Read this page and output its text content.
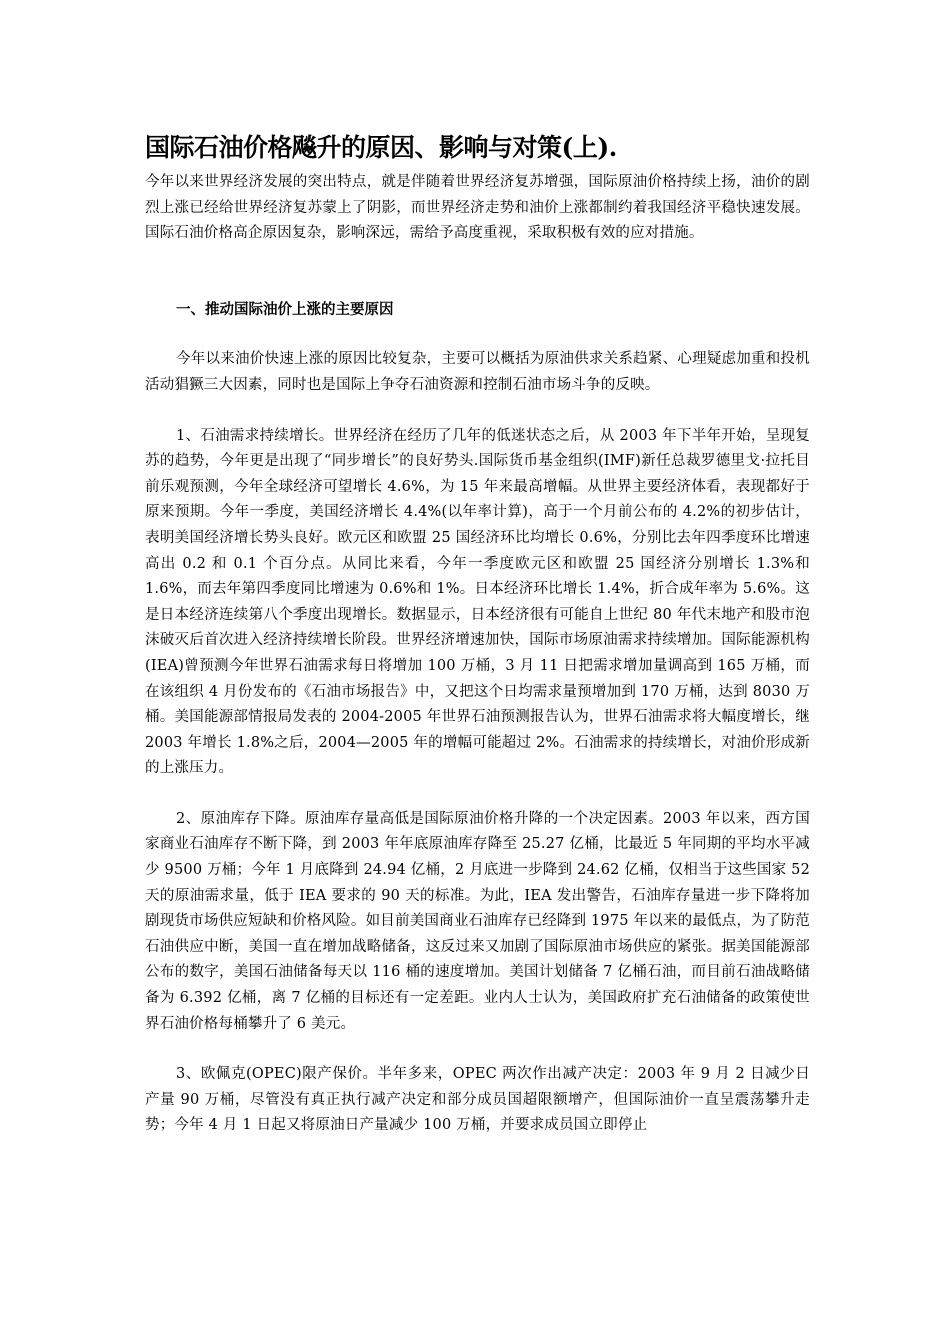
国际石油价格飚升的原因、影响与对策(上).

今年以来世界经济发展的突出特点，就是伴随着世界经济复苏增强，国际原油价格持续上扬，油价的剧烈上涨已经给世界经济复苏蒙上了阴影，而世界经济走势和油价上涨都制约着我国经济平稳快速发展。国际石油价格高企原因复杂，影响深远，需给予高度重视，采取积极有效的应对措施。

一、推动国际油价上涨的主要原因

今年以来油价快速上涨的原因比较复杂，主要可以概括为原油供求关系趋紧、心理疑虑加重和投机活动猖獗三大因素，同时也是国际上争夺石油资源和控制石油市场斗争的反映。

1、石油需求持续增长。世界经济在经历了几年的低迷状态之后，从 2003 年下半年开始，呈现复苏的趋势，今年更是出现了“同步增长”的良好势头.国际货币基金组织(IMF)新任总裁罗德里戈·拉托目前乐观预测，今年全球经济可望增长 4.6%，为 15 年来最高增幅。从世界主要经济体看，表现都好于原来预期。今年一季度，美国经济增长 4.4%(以年率计算)，高于一个月前公布的 4.2%的初步估计，表明美国经济增长势头良好。欧元区和欧盟 25 国经济环比均增长 0.6%，分别比去年四季度环比增速高出 0.2 和 0.1 个百分点。从同比来看，今年一季度欧元区和欧盟 25 国经济分别增长 1.3%和 1.6%，而去年第四季度同比增速为 0.6%和 1%。日本经济环比增长 1.4%，折合成年率为 5.6%。这是日本经济连续第八个季度出现增长。数据显示，日本经济很有可能自上世纪 80 年代末地产和股市泡沫破灭后首次进入经济持续增长阶段。世界经济增速加快，国际市场原油需求持续增加。国际能源机构(IEA)曾预测今年世界石油需求每日将增加 100 万桶，3 月 11 日把需求增加量调高到 165 万桶，而在该组织 4 月份发布的《石油市场报告》中，又把这个日均需求量预增加到 170 万桶，达到 8030 万桶。美国能源部情报局发表的 2004-2005 年世界石油预测报告认为，世界石油需求将大幅度增长，继 2003 年增长 1.8%之后，2004—2005 年的增幅可能超过 2%。石油需求的持续增长，对油价形成新的上涨压力。

2、原油库存下降。原油库存量高低是国际原油价格升降的一个决定因素。2003 年以来，西方国家商业石油库存不断下降，到 2003 年年底原油库存降至 25.27 亿桶，比最近 5 年同期的平均水平减少 9500 万桶；今年 1 月底降到 24.94 亿桶，2 月底进一步降到 24.62 亿桶，仅相当于这些国家 52 天的原油需求量，低于 IEA 要求的 90 天的标准。为此，IEA 发出警告，石油库存量进一步下降将加剧现货市场供应短缺和价格风险。如目前美国商业石油库存已经降到 1975 年以来的最低点，为了防范石油供应中断，美国一直在增加战略储备，这反过来又加剧了国际原油市场供应的紧张。据美国能源部公布的数字，美国石油储备每天以 116 桶的速度增加。美国计划储备 7 亿桶石油，而目前石油战略储备为 6.392 亿桶，离 7 亿桶的目标还有一定差距。业内人士认为，美国政府扩充石油储备的政策使世界石油价格每桶攀升了 6 美元。

3、欧佩克(OPEC)限产保价。半年多来，OPEC 两次作出减产决定：2003 年 9 月 2 日减少日产量 90 万桶，尽管没有真正执行减产决定和部分成员国超限额增产，但国际油价一直呈震荡攀升走势；今年 4 月 1 日起又将原油日产量减少 100 万桶，并要求成员国立即停止
